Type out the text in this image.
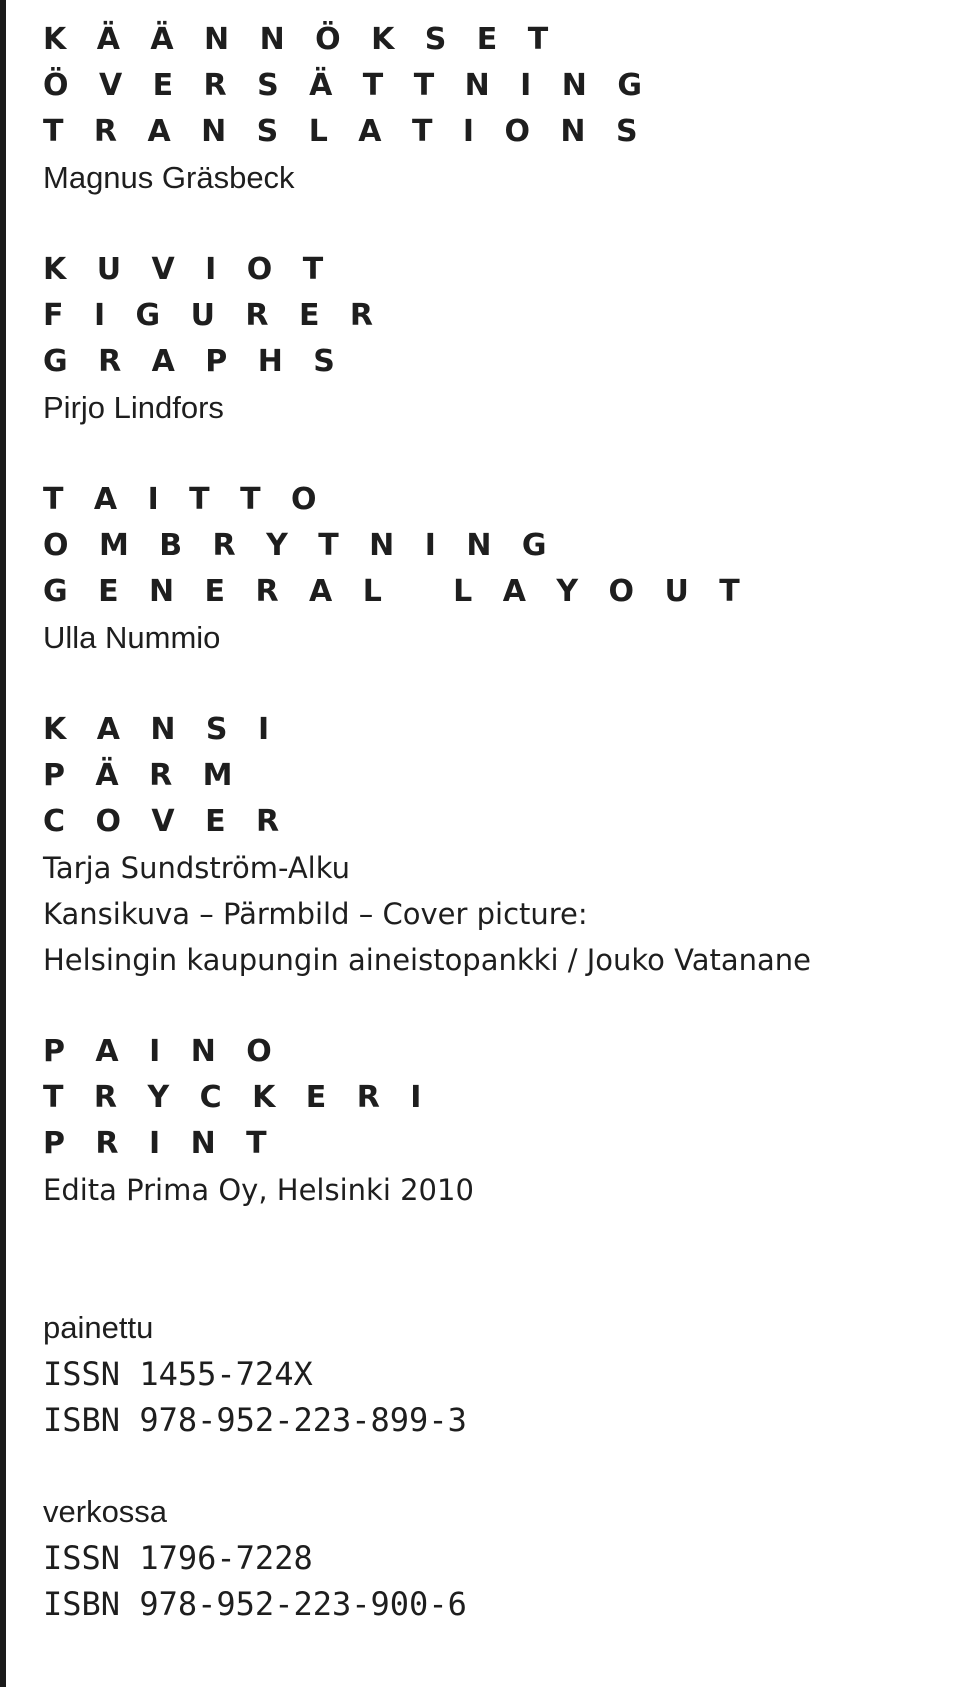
K Ä Ä N N Ö K S E T
Ö V E R S Ä T T N I N G
T R A N S L A T I O N S
Magnus Gräsbeck
K U V I O T
F I G U R E R
G R A P H S
Pirjo Lindfors
T A I T T O
O M B R Y T N I N G
G E N E R A L   L A Y O U T
Ulla Nummio
K A N S I
P Ä R M
C O V E R
Tarja Sundström-Alku
Kansikuva – Pärmbild – Cover picture:
Helsingin kaupungin aineistopankki / Jouko Vatanane
P A I N O
T R Y C K E R I
P R I N T
Edita Prima Oy, Helsinki 2010
painettu
ISSN 1455-724X
ISBN 978-952-223-899-3
verkossa
ISSN 1796-7228
ISBN 978-952-223-900-6
